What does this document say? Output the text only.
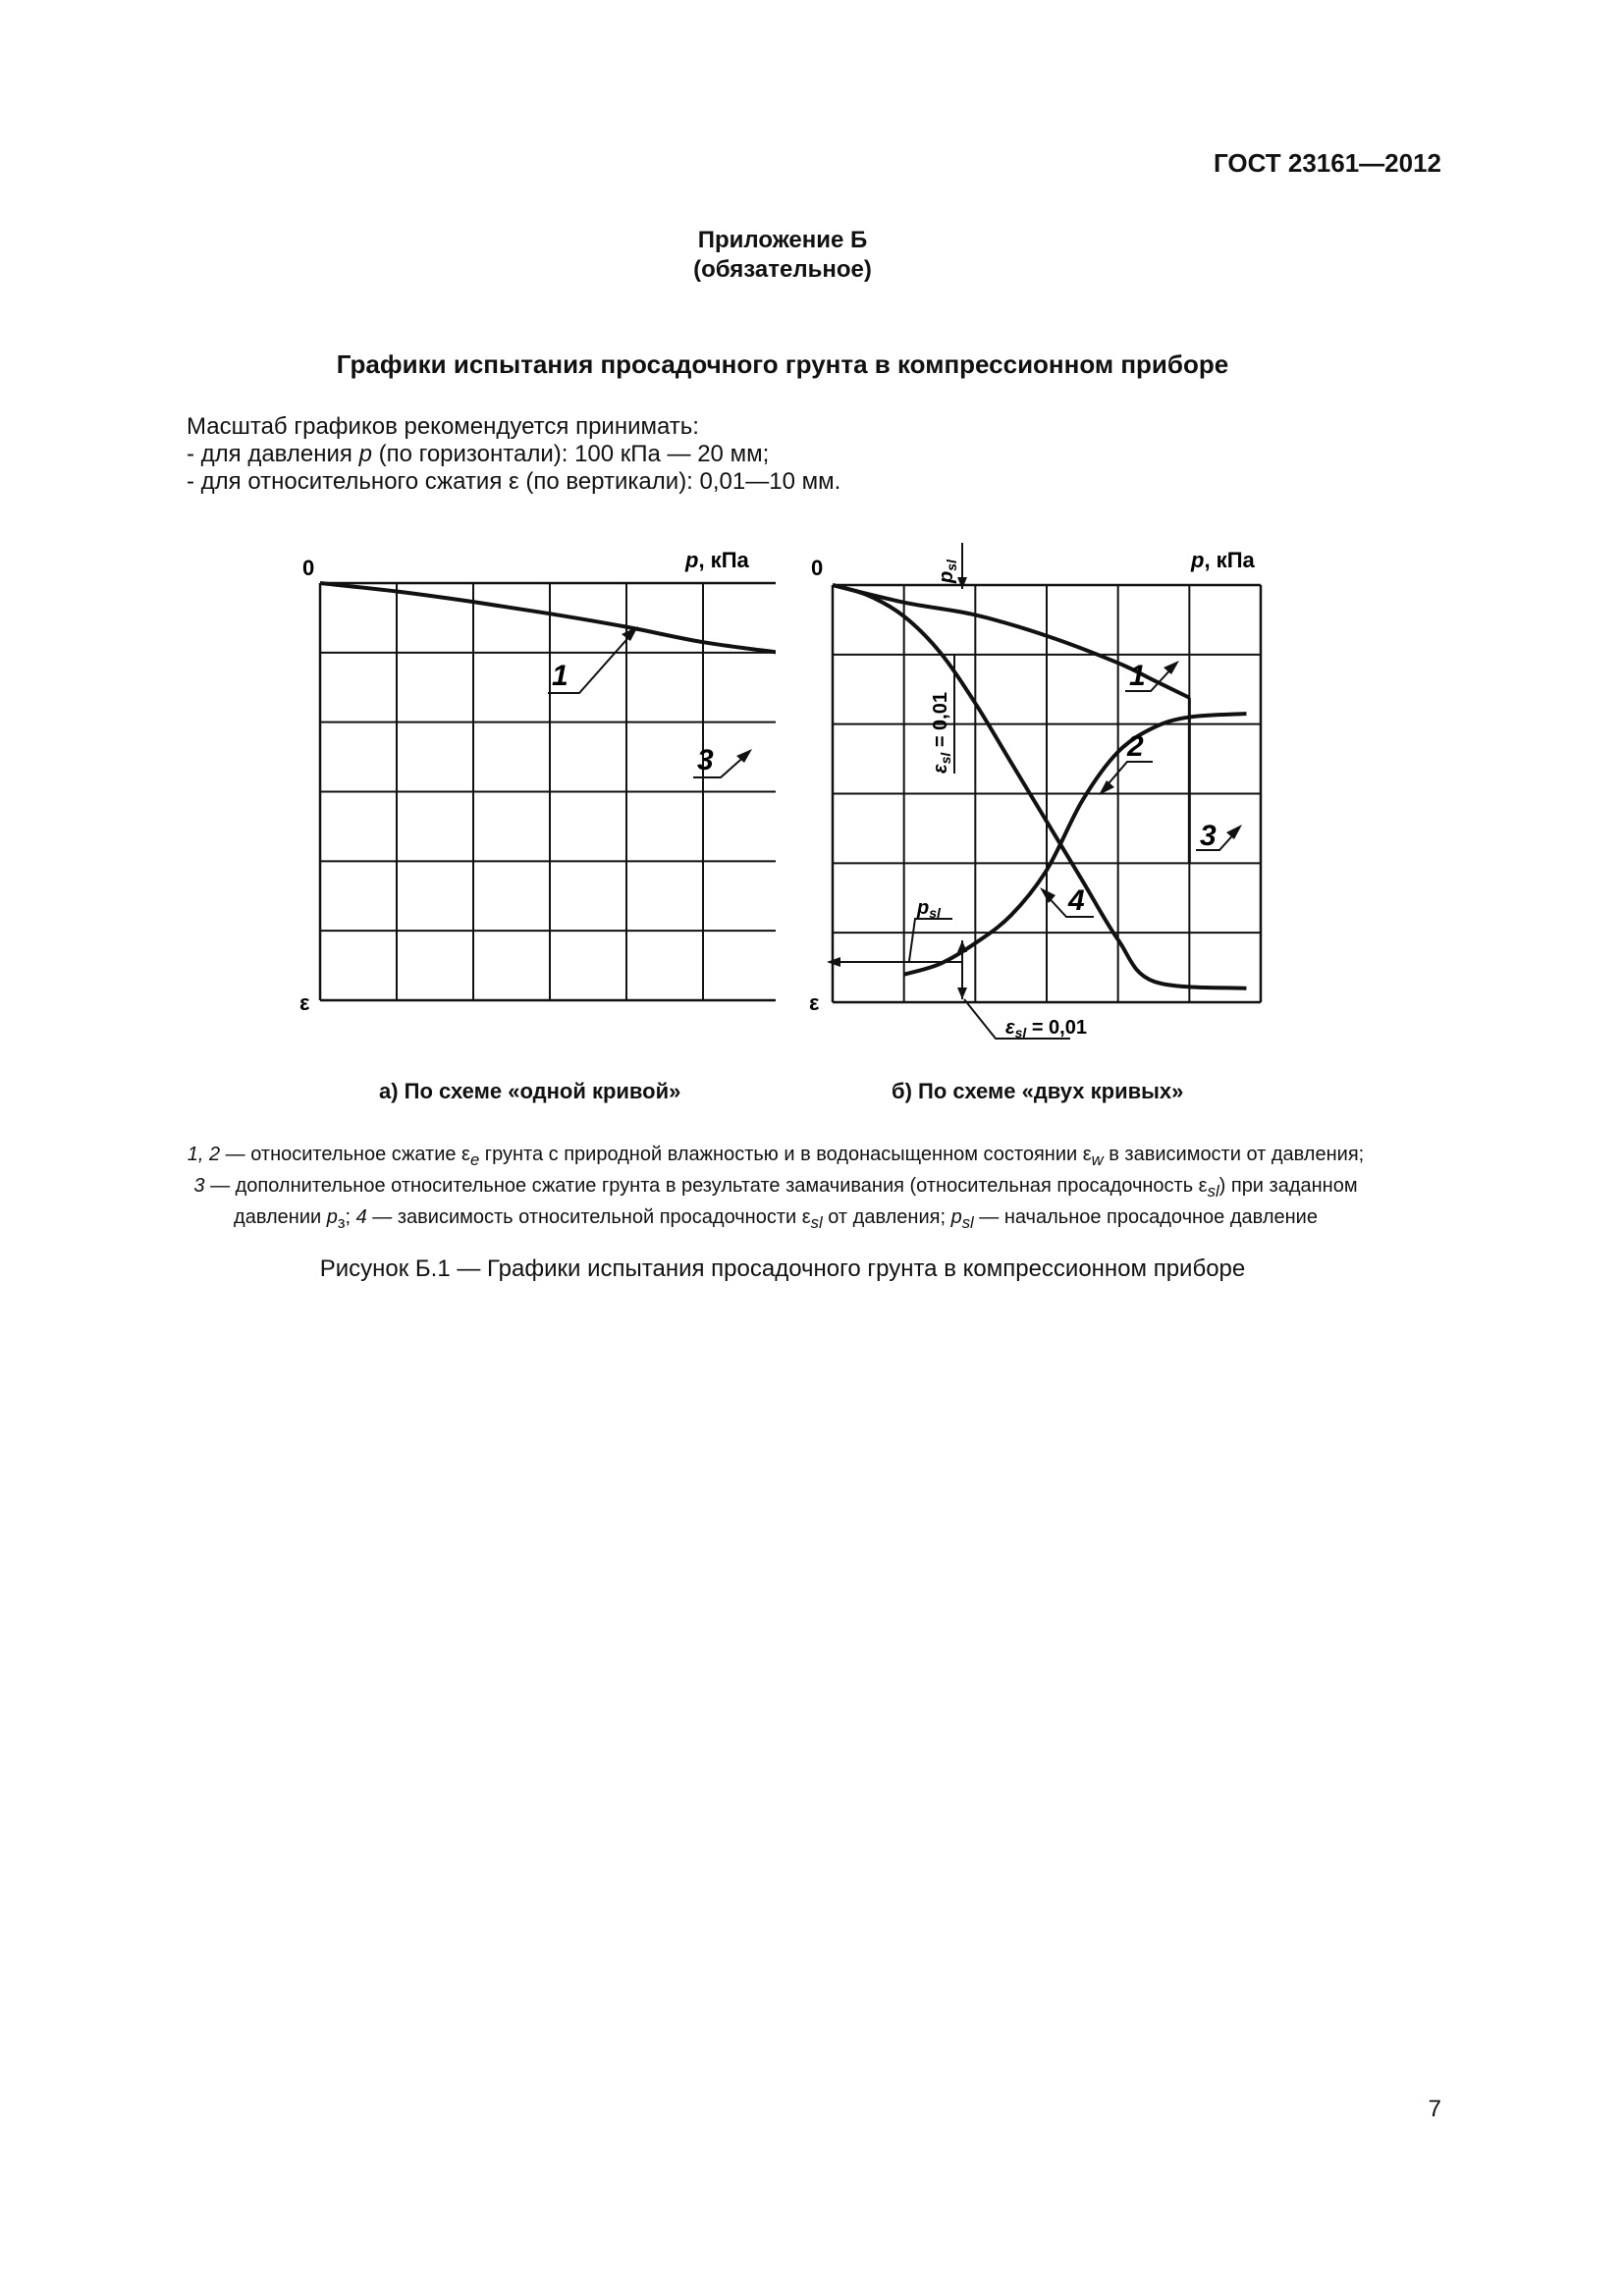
ГОСТ 23161—2012
Приложение Б
(обязательное)
Графики испытания просадочного грунта в компрессионном приборе
Масштаб графиков рекомендуется принимать:
- для давления p (по горизонтали): 100 кПа — 20 мм;
- для относительного сжатия ε (по вертикали): 0,01—10 мм.
0	p, кПа
ε
1
3
0	p, кПа
ε
$p_{sl}$
$\varepsilon_{sl} = 0,01$
$p_{sl}$
$\varepsilon_{sl} = 0,01$
1
2
3
4
а) По схеме «одной кривой»	б) По схеме «двух кривых»
1, 2 — относительное сжатие $\varepsilon_e$ грунта с природной влажностью и в водонасыщенном состоянии $\varepsilon_w$ в зависимости от давления;
3 — дополнительное относительное сжатие грунта в результате замачивания (относительная просадочность $\varepsilon_{sl}$) при заданном
давлении $p_з$; 4 — зависимость относительной просадочности $\varepsilon_{sl}$ от давления; $p_{sl}$ — начальное просадочное давление
Рисунок Б.1 — Графики испытания просадочного грунта в компрессионном приборе
7
